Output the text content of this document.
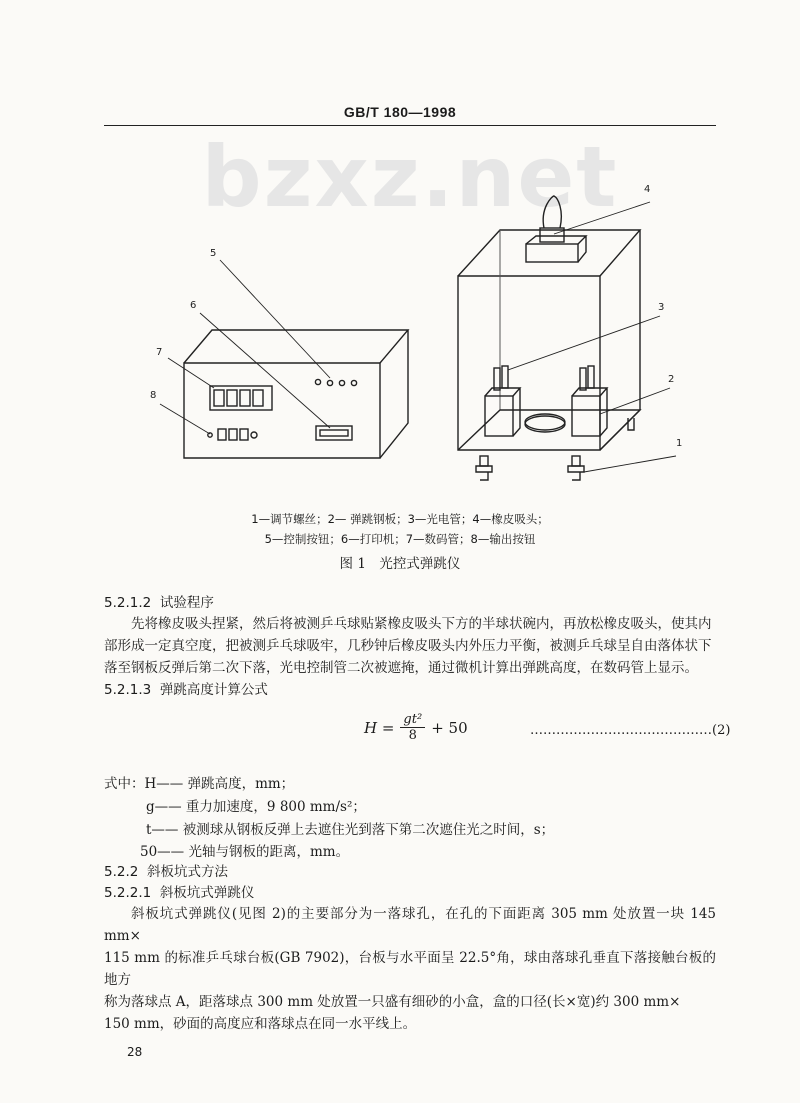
GB/T 180—1998
bzxz.net
1
2
3
4
5
6
7
8
1—调节螺丝；2— 弹跳钢板；3—光电管；4—橡皮吸头；
5—控制按钮；6—打印机；7—数码管；8—输出按钮
图 1　光控式弹跳仪
5.2.1.2 试验程序
先将橡皮吸头捏紧，然后将被测乒乓球贴紧橡皮吸头下方的半球状碗内，再放松橡皮吸头，使其内
部形成一定真空度，把被测乒乓球吸牢，几秒钟后橡皮吸头内外压力平衡，被测乒乓球呈自由落体状下
落至钢板反弹后第二次下落，光电控制管二次被遮掩，通过微机计算出弹跳高度，在数码管上显示。
5.2.1.3 弹跳高度计算公式
$H = \frac{\text{gt²}}{8} + 50$	……………………………………(2)
式中：H—— 弹跳高度，mm；
g—— 重力加速度，9 800 mm/s²；
t—— 被测球从钢板反弹上去遮住光到落下第二次遮住光之时间，s；
50—— 光轴与钢板的距离，mm。
5.2.2 斜板坑式方法
5.2.2.1 斜板坑式弹跳仪
斜板坑式弹跳仪(见图 2)的主要部分为一落球孔，在孔的下面距离 305 mm 处放置一块 145 mm×
115 mm 的标准乒乓球台板(GB 7902)，台板与水平面呈 22.5°角，球由落球孔垂直下落接触台板的地方
称为落球点 A，距落球点 300 mm 处放置一只盛有细砂的小盒，盒的口径(长×宽)约 300 mm×
150 mm，砂面的高度应和落球点在同一水平线上。
28
